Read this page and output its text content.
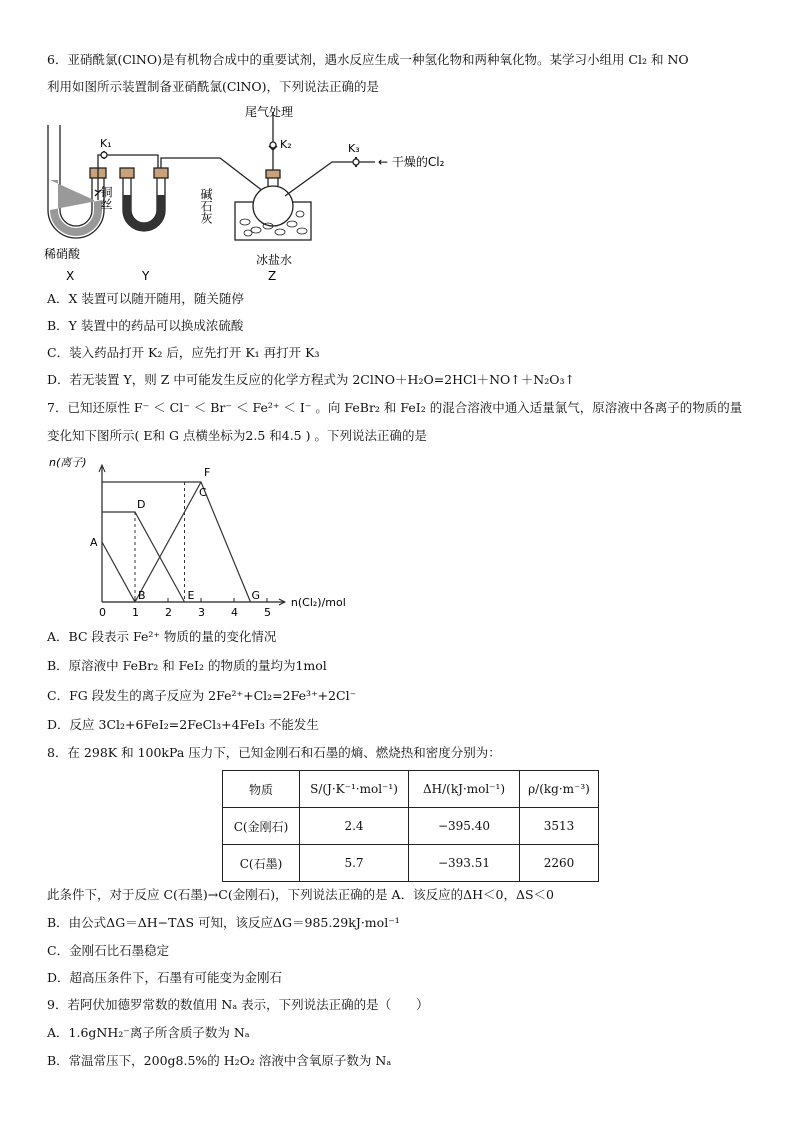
6．亚硝酰氯(ClNO)是有机物合成中的重要试剂，遇水反应生成一种氢化物和两种氧化物。某学习小组用 Cl₂ 和 NO
利用如图所示装置制备亚硝酰氯(ClNO)，下列说法正确的是
尾气处理
K₁	K₂	K₃
← 干燥的Cl₂
铜丝	碱石灰
稀硝酸	冰盐水
X	Y	Z
A．X 装置可以随开随用，随关随停
B．Y 装置中的药品可以换成浓硫酸
C．装入药品打开 K₂ 后，应先打开 K₁ 再打开 K₃
D．若无装置 Y，则 Z 中可能发生反应的化学方程式为 2ClNO＋H₂O=2HCl＋NO↑＋N₂O₃↑
7．已知还原性 F⁻ ＜ Cl⁻ ＜ Br⁻ ＜ Fe²⁺ ＜ I⁻ 。向 FeBr₂ 和 FeI₂ 的混合溶液中通入适量氯气，原溶液中各离子的物质的量
变化知下图所示( E和 G 点横坐标为2.5 和4.5 ) 。下列说法正确的是
n(离子)
n(Cl₂)/mol
0 1 2 3 4 5
A
B
C
D
E
F
G
A．BC 段表示 Fe²⁺ 物质的量的变化情况
B．原溶液中 FeBr₂ 和 FeI₂ 的物质的量均为1mol
C．FG 段发生的离子反应为 2Fe²⁺+Cl₂=2Fe³⁺+2Cl⁻
D．反应 3Cl₂+6FeI₂=2FeCl₃+4FeI₃ 不能发生
8．在 298K 和 100kPa 压力下，已知金刚石和石墨的熵、燃烧热和密度分别为：
物质	S/(J·K⁻¹·mol⁻¹)	ΔH/(kJ·mol⁻¹)	ρ/(kg·m⁻³)
C(金刚石)	2.4	−395.40	3513
C(石墨)	5.7	−393.51	2260
此条件下，对于反应 C(石墨)→C(金刚石)，下列说法正确的是 A．该反应的ΔH＜0，ΔS＜0
B．由公式ΔG＝ΔH−TΔS 可知，该反应ΔG＝985.29kJ·mol⁻¹
C．金刚石比石墨稳定
D．超高压条件下，石墨有可能变为金刚石
9．若阿伏加德罗常数的数值用 Nₐ 表示，下列说法正确的是（　　）
A．1.6gNH₂⁻离子所含质子数为 Nₐ
B．常温常压下，200g8.5%的 H₂O₂ 溶液中含氧原子数为 Nₐ
